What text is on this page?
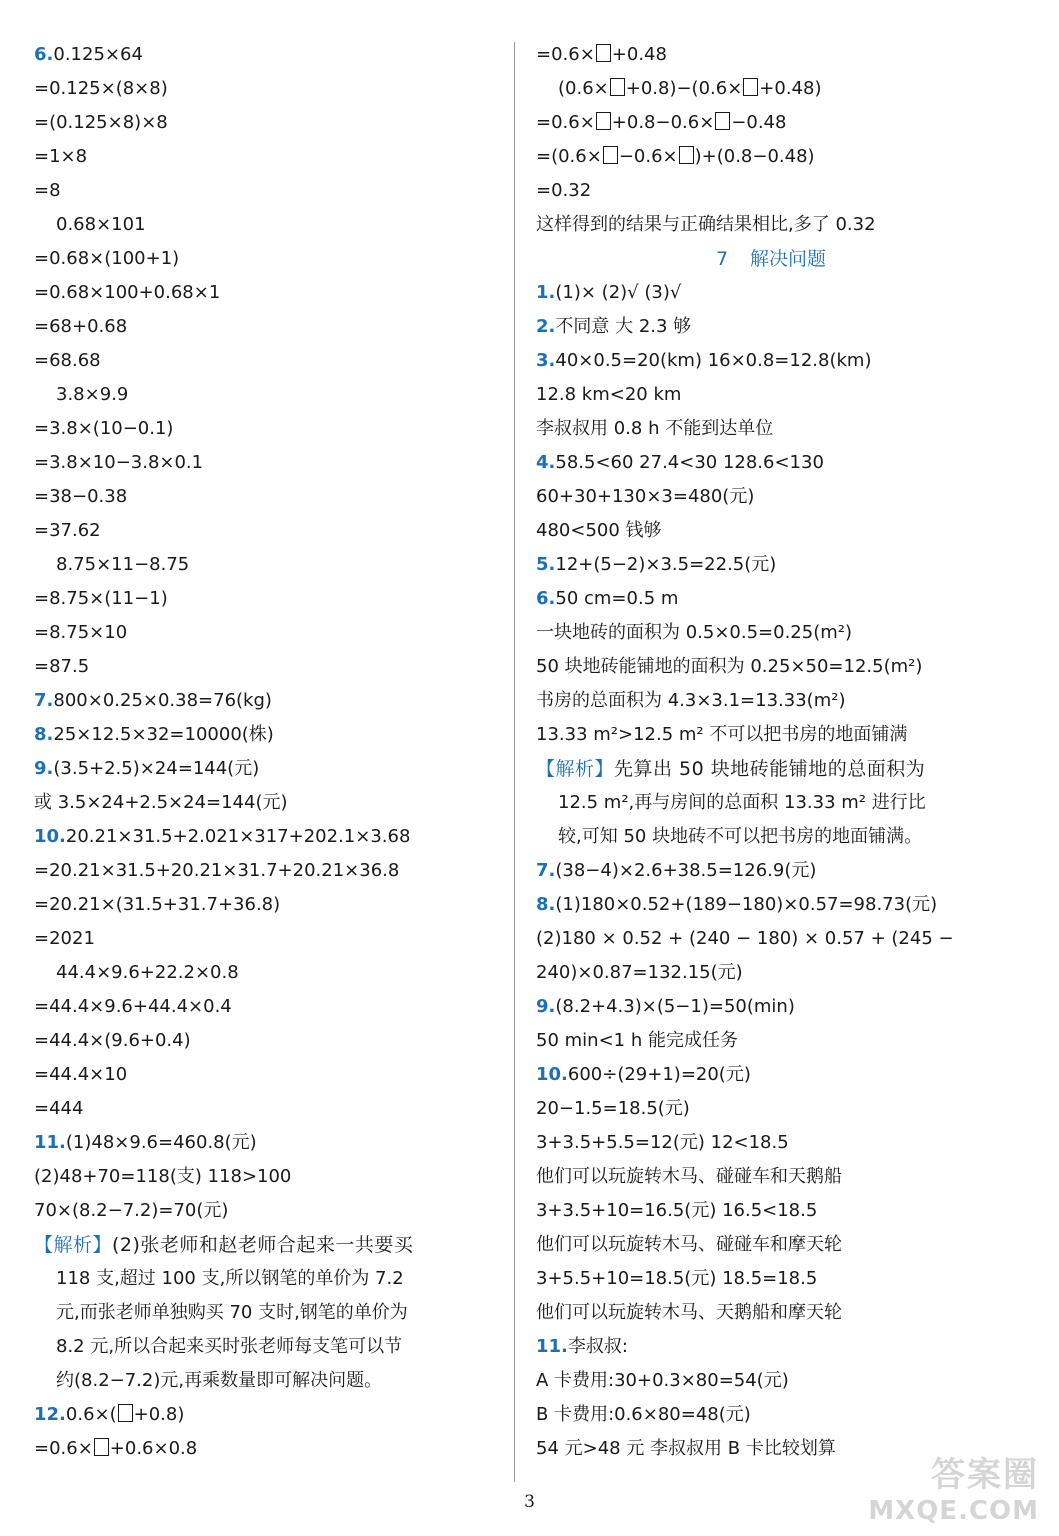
6.0.125×64
=0.125×(8×8)
=(0.125×8)×8
=1×8
=8
0.68×101
=0.68×(100+1)
=0.68×100+0.68×1
=68+0.68
=68.68
3.8×9.9
=3.8×(10−0.1)
=3.8×10−3.8×0.1
=38−0.38
=37.62
8.75×11−8.75
=8.75×(11−1)
=8.75×10
=87.5
7.800×0.25×0.38=76(kg)
8.25×12.5×32=10000(株)
9.(3.5+2.5)×24=144(元)
或 3.5×24+2.5×24=144(元)
10.20.21×31.5+2.021×317+202.1×3.68
=20.21×31.5+20.21×31.7+20.21×36.8
=20.21×(31.5+31.7+36.8)
=2021
44.4×9.6+22.2×0.8
=44.4×9.6+44.4×0.4
=44.4×(9.6+0.4)
=44.4×10
=444
11.(1)48×9.6=460.8(元)
(2)48+70=118(支) 118>100
70×(8.2−7.2)=70(元)
【解析】(2)张老师和赵老师合起来一共要买
118 支,超过 100 支,所以钢笔的单价为 7.2
元,而张老师单独购买 70 支时,钢笔的单价为
8.2 元,所以合起来买时张老师每支笔可以节
约(8.2−7.2)元,再乘数量即可解决问题。
12.0.6×( +0.8)
=0.6× +0.6×0.8
=0.6× +0.48
(0.6× +0.8)−(0.6× +0.48)
=0.6× +0.8−0.6× −0.48
=(0.6× −0.6× )+(0.8−0.48)
=0.32
这样得到的结果与正确结果相比,多了 0.32
7 解决问题
1.(1)× (2)√ (3)√
2.不同意 大 2.3 够
3.40×0.5=20(km) 16×0.8=12.8(km)
12.8 km<20 km
李叔叔用 0.8 h 不能到达单位
4.58.5<60 27.4<30 128.6<130
60+30+130×3=480(元)
480<500 钱够
5.12+(5−2)×3.5=22.5(元)
6.50 cm=0.5 m
一块地砖的面积为 0.5×0.5=0.25(m²)
50 块地砖能铺地的面积为 0.25×50=12.5(m²)
书房的总面积为 4.3×3.1=13.33(m²)
13.33 m²>12.5 m² 不可以把书房的地面铺满
【解析】先算出 50 块地砖能铺地的总面积为
12.5 m²,再与房间的总面积 13.33 m² 进行比
较,可知 50 块地砖不可以把书房的地面铺满。
7.(38−4)×2.6+38.5=126.9(元)
8.(1)180×0.52+(189−180)×0.57=98.73(元)
(2)180 × 0.52 + (240 − 180) × 0.57 + (245 −
240)×0.87=132.15(元)
9.(8.2+4.3)×(5−1)=50(min)
50 min<1 h 能完成任务
10.600÷(29+1)=20(元)
20−1.5=18.5(元)
3+3.5+5.5=12(元) 12<18.5
他们可以玩旋转木马、碰碰车和天鹅船
3+3.5+10=16.5(元) 16.5<18.5
他们可以玩旋转木马、碰碰车和摩天轮
3+5.5+10=18.5(元) 18.5=18.5
他们可以玩旋转木马、天鹅船和摩天轮
11.李叔叔:
A 卡费用:30+0.3×80=54(元)
B 卡费用:0.6×80=48(元)
54 元>48 元 李叔叔用 B 卡比较划算
3
答案圈
MXQE.COM
